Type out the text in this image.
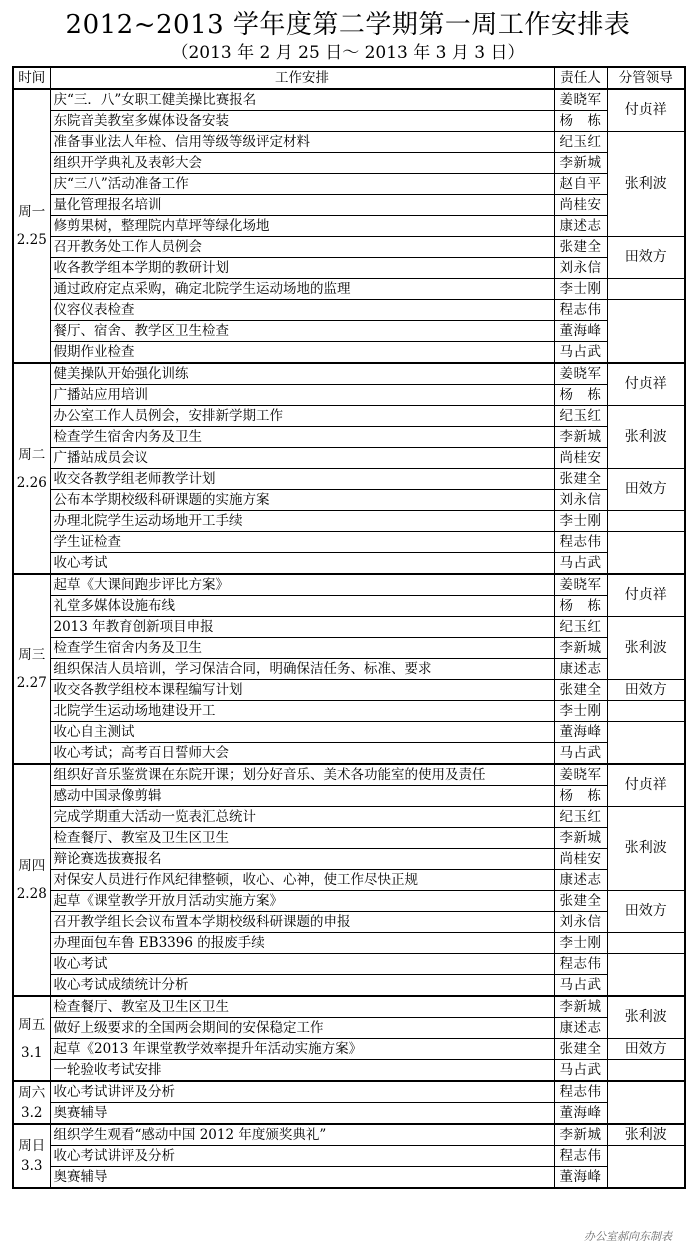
2012~2013 学年度第二学期第一周工作安排表
（2013 年 2 月 25 日～ 2013 年 3 月 3 日）
时间	工作安排	责任人	分管领导

周一
2.25	庆“三．八”女职工健美操比赛报名	姜晓军	付贞祥
	东院音美教室多媒体设备安装	杨　栋	
	准备事业法人年检、信用等级等级评定材料	纪玉红	张利波
	组织开学典礼及表彰大会	李新城	
	庆“三八”活动准备工作	赵自平	
	量化管理报名培训	尚桂安	
	修剪果树，整理院内草坪等绿化场地	康述志	
	召开教务处工作人员例会	张建全	田效方
	收各教学组本学期的教研计划	刘永信	
	通过政府定点采购，确定北院学生运动场地的监理	李士刚	
	仪容仪表检查	程志伟	
	餐厅、宿舍、教学区卫生检查	董海峰	
	假期作业检查	马占武	

周二
2.26	健美操队开始强化训练	姜晓军	付贞祥
	广播站应用培训	杨　栋	
	办公室工作人员例会，安排新学期工作	纪玉红	张利波
	检查学生宿舍内务及卫生	李新城	
	广播站成员会议	尚桂安	
	收交各教学组老师教学计划	张建全	田效方
	公布本学期校级科研课题的实施方案	刘永信	
	办理北院学生运动场地开工手续	李士刚	
	学生证检查	程志伟	
	收心考试	马占武	

周三
2.27	起草《大课间跑步评比方案》	姜晓军	付贞祥
	礼堂多媒体设施布线	杨　栋	
	2013 年教育创新项目申报	纪玉红	张利波
	检查学生宿舍内务及卫生	李新城	
	组织保洁人员培训，学习保洁合同，明确保洁任务、标准、要求	康述志	
	收交各教学组校本课程编写计划	张建全	田效方
	北院学生运动场地建设开工	李士刚	
	收心自主测试	董海峰	
	收心考试；高考百日誓师大会	马占武	

周四
2.28	组织好音乐鉴赏课在东院开课；划分好音乐、美术各功能室的使用及责任	姜晓军	付贞祥
	感动中国录像剪辑	杨　栋	
	完成学期重大活动一览表汇总统计	纪玉红	张利波
	检查餐厅、教室及卫生区卫生	李新城	
	辩论赛选拔赛报名	尚桂安	
	对保安人员进行作风纪律整顿，收心、心神，使工作尽快正规	康述志	
	起草《课堂教学开放月活动实施方案》	张建全	田效方
	召开教学组长会议布置本学期校级科研课题的申报	刘永信	
	办理面包车鲁 EB3396 的报废手续	李士刚	
	收心考试	程志伟	
	收心考试成绩统计分析	马占武	

周五
3.1	检查餐厅、教室及卫生区卫生	李新城	张利波
	做好上级要求的全国两会期间的安保稳定工作	康述志	
	起草《2013 年课堂教学效率提升年活动实施方案》	张建全	田效方
	一轮验收考试安排	马占武	

周六
3.2	收心考试讲评及分析	程志伟	
	奥赛辅导	董海峰	

周日
3.3	组织学生观看“感动中国 2012 年度颁奖典礼”	李新城	张利波
	收心考试讲评及分析	程志伟	
	奥赛辅导	董海峰	
办公室郝向东制表
